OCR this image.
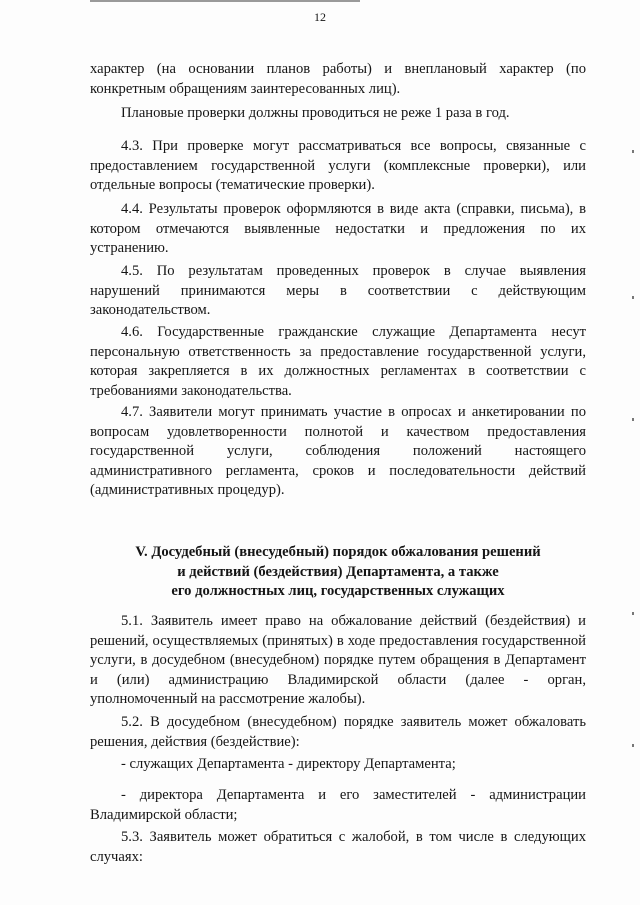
12

характер (на основании планов работы) и внеплановый характер (по конкретным обращениям заинтересованных лиц).

Плановые проверки должны проводиться не реже 1 раза в год.

4.3. При проверке могут рассматриваться все вопросы, связанные с предоставлением государственной услуги (комплексные проверки), или отдельные вопросы (тематические проверки).

4.4. Результаты проверок оформляются в виде акта (справки, письма), в котором отмечаются выявленные недостатки и предложения по их устранению.

4.5. По результатам проведенных проверок в случае выявления нарушений принимаются меры в соответствии с действующим законодательством.

4.6. Государственные гражданские служащие Департамента несут персональную ответственность за предоставление государственной услуги, которая закрепляется в их должностных регламентах в соответствии с требованиями законодательства.

4.7. Заявители могут принимать участие в опросах и анкетировании по вопросам удовлетворенности полнотой и качеством предоставления государственной услуги, соблюдения положений настоящего административного регламента, сроков и последовательности действий (административных процедур).

V. Досудебный (внесудебный) порядок обжалования решений
и действий (бездействия) Департамента, а также
его должностных лиц, государственных служащих

5.1. Заявитель имеет право на обжалование действий (бездействия) и решений, осуществляемых (принятых) в ходе предоставления государственной услуги, в досудебном (внесудебном) порядке путем обращения в Департамент и (или) администрацию Владимирской области (далее - орган, уполномоченный на рассмотрение жалобы).

5.2. В досудебном (внесудебном) порядке заявитель может обжаловать решения, действия (бездействие):

- служащих Департамента - директору Департамента;

- директора Департамента и его заместителей - администрации Владимирской области;

5.3. Заявитель может обратиться с жалобой, в том числе в следующих случаях:
